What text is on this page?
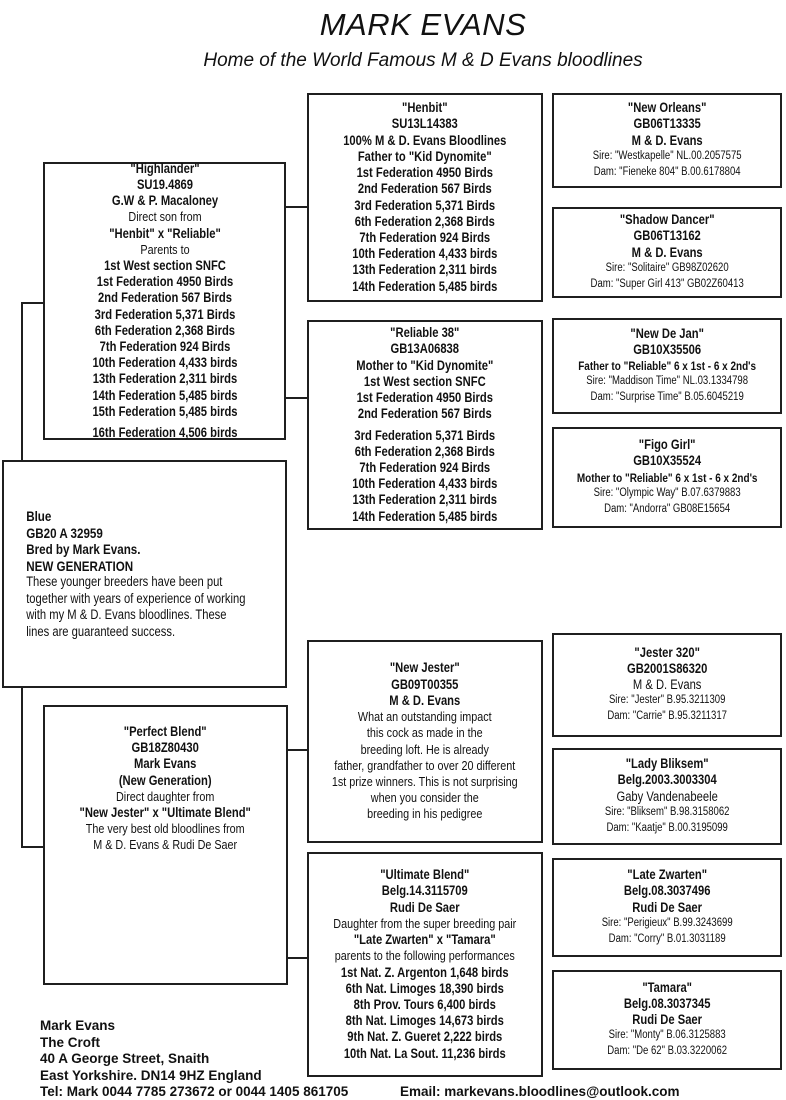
MARK EVANS
Home of the World Famous M & D Evans bloodlines
"Highlander"
SU19.4869
G.W & P. Macaloney
Direct son from
"Henbit" x "Reliable"
Parents to
1st West section SNFC
1st Federation 4950 Birds
2nd Federation 567 Birds
3rd Federation 5,371 Birds
6th Federation 2,368 Birds
7th Federation 924 Birds
10th Federation 4,433 birds
13th Federation 2,311 birds
14th Federation 5,485 birds
15th Federation 5,485 birds
16th Federation 4,506 birds
Blue
GB20 A 32959
Bred by Mark Evans.
NEW GENERATION
These younger breeders have been put
together with years of experience of working
with my M & D. Evans bloodlines. These
lines are guaranteed success.
"Perfect Blend"
GB18Z80430
Mark Evans
(New Generation)
Direct daughter from
"New Jester" x "Ultimate Blend"
The very best old bloodlines from
M & D. Evans & Rudi De Saer
"Henbit"
SU13L14383
100% M & D. Evans Bloodlines
Father to "Kid Dynomite"
1st Federation 4950 Birds
2nd Federation 567 Birds
3rd Federation 5,371 Birds
6th Federation 2,368 Birds
7th Federation 924 Birds
10th Federation 4,433 birds
13th Federation 2,311 birds
14th Federation 5,485 birds
"Reliable 38"
GB13A06838
Mother to "Kid Dynomite"
1st West section SNFC
1st Federation 4950 Birds
2nd Federation 567 Birds
3rd Federation 5,371 Birds
6th Federation 2,368 Birds
7th Federation 924 Birds
10th Federation 4,433 birds
13th Federation 2,311 birds
14th Federation 5,485 birds
"New Jester"
GB09T00355
M & D. Evans
What an outstanding impact
this cock as made in the
breeding loft. He is already
father, grandfather to over 20 different
1st prize winners. This is not surprising
when you consider the
breeding in his pedigree
"Ultimate Blend"
Belg.14.3115709
Rudi De Saer
Daughter from the super breeding pair
"Late Zwarten" x "Tamara"
parents to the following performances
1st Nat. Z. Argenton 1,648 birds
6th Nat. Limoges 18,390 birds
8th Prov. Tours 6,400 birds
8th Nat. Limoges 14,673 birds
9th Nat. Z. Gueret 2,222 birds
10th Nat. La Sout. 11,236 birds
"New Orleans"
GB06T13335
M & D. Evans
Sire: "Westkapelle" NL.00.2057575
Dam: "Fieneke 804" B.00.6178804
"Shadow Dancer"
GB06T13162
M & D. Evans
Sire: "Solitaire" GB98Z02620
Dam: "Super Girl 413" GB02Z60413
"New De Jan"
GB10X35506
Father to "Reliable" 6 x 1st - 6 x 2nd's
Sire: "Maddison Time" NL.03.1334798
Dam: "Surprise Time" B.05.6045219
"Figo Girl"
GB10X35524
Mother to "Reliable" 6 x 1st - 6 x 2nd's
Sire: "Olympic Way" B.07.6379883
Dam: "Andorra" GB08E15654
"Jester 320"
GB2001S86320
M & D. Evans
Sire: "Jester" B.95.3211309
Dam: "Carrie" B.95.3211317
"Lady Bliksem"
Belg.2003.3003304
Gaby Vandenabeele
Sire: "Bliksem" B.98.3158062
Dam: "Kaatje" B.00.3195099
"Late Zwarten"
Belg.08.3037496
Rudi De Saer
Sire: "Perigieux" B.99.3243699
Dam: "Corry" B.01.3031189
"Tamara"
Belg.08.3037345
Rudi De Saer
Sire: "Monty" B.06.3125883
Dam: "De 62" B.03.3220062
Mark Evans
The Croft
40 A George Street, Snaith
East Yorkshire. DN14 9HZ England
Tel: Mark 0044 7785 273672 or 0044 1405 861705	Email: markevans.bloodlines@outlook.com
